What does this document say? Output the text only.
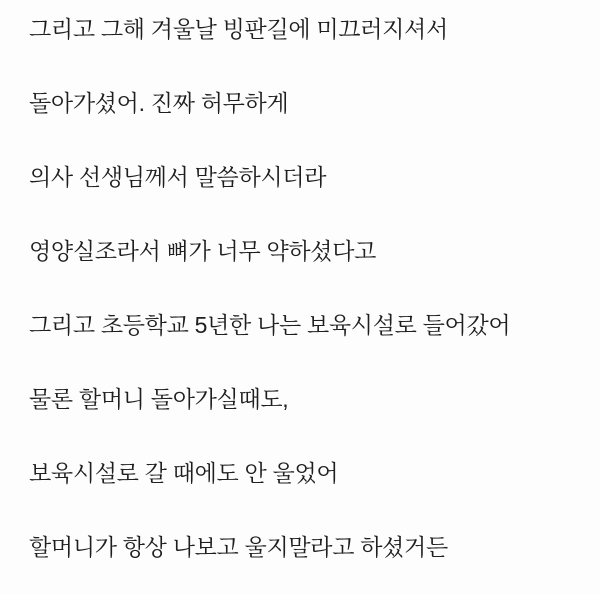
그리고 그해 겨울날 빙판길에 미끄러지셔서

돌아가셨어. 진짜 허무하게

의사 선생님께서 말씀하시더라

영양실조라서 뼈가 너무 약하셨다고

그리고 초등학교 5년한 나는 보육시설로 들어갔어

물론 할머니 돌아가실때도,

보육시설로 갈 때에도 안 울었어

할머니가 항상 나보고 울지말라고 하셨거든
